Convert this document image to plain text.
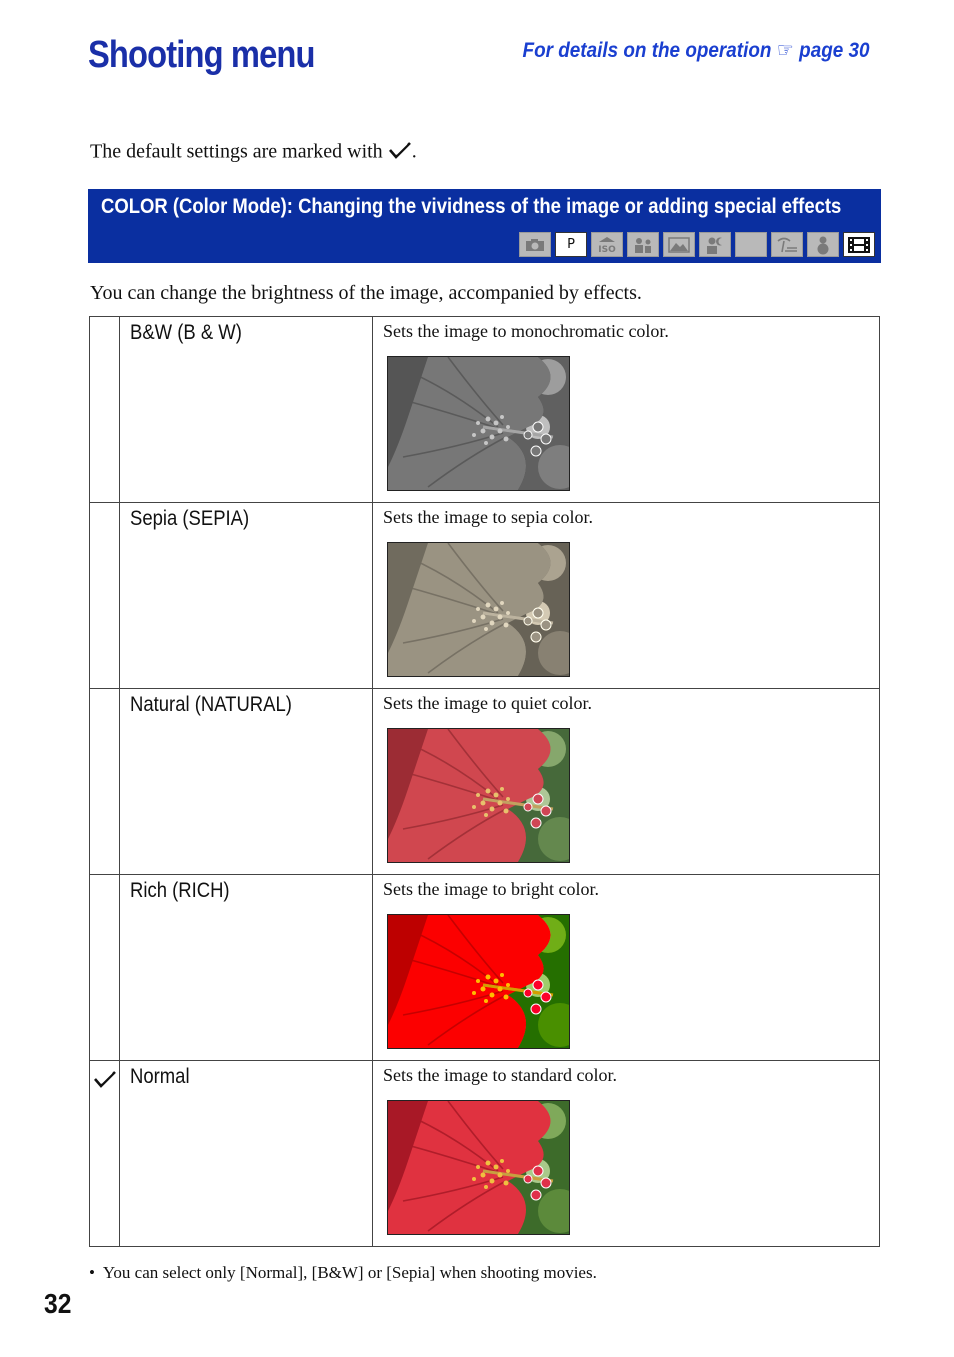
Shooting menu	For details on the operation ☞ page 30
The default settings are marked with .
COLOR (Color Mode): Changing the vividness of the image or adding special effects
P	ISO
You can change the brightness of the image, accompanied by effects.
	B&W (B & W)	Sets the image to monochromatic color.

	Sepia (SEPIA)	Sets the image to sepia color.

	Natural (NATURAL)	Sets the image to quiet color.

	Rich (RICH)	Sets the image to bright color.

	Normal	Sets the image to standard color.
•  You can select only [Normal], [B&W] or [Sepia] when shooting movies.
32
